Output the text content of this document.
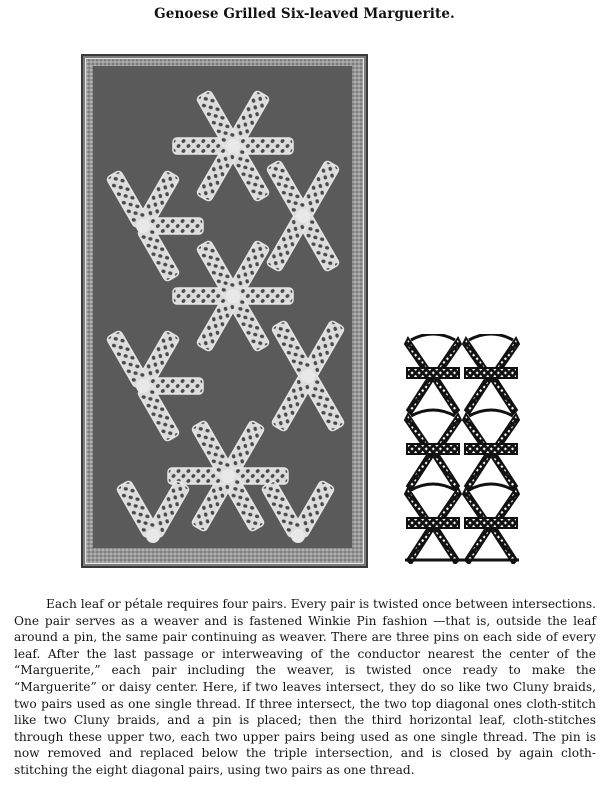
Genoese Grilled Six-leaved Marguerite.

Each leaf or pétale requires four pairs. Every pair is twisted once between intersections. One pair serves as a weaver and is fastened Winkie Pin fashion —that is, outside the leaf around a pin, the same pair continuing as weaver. There are three pins on each side of every leaf. After the last passage or interweaving of the conductor nearest the center of the “Marguerite,” each pair including the weaver, is twisted once ready to make the “Marguerite” or daisy center. Here, if two leaves intersect, they do so like two Cluny braids, two pairs used as one single thread. If three intersect, the two top diagonal ones cloth-stitch like two Cluny braids, and a pin is placed; then the third horizontal leaf, cloth-stitches through these upper two, each two upper pairs being used as one single thread. The pin is now removed and replaced below the triple intersection, and is closed by again cloth-stitching the eight diagonal pairs, using two pairs as one thread.
